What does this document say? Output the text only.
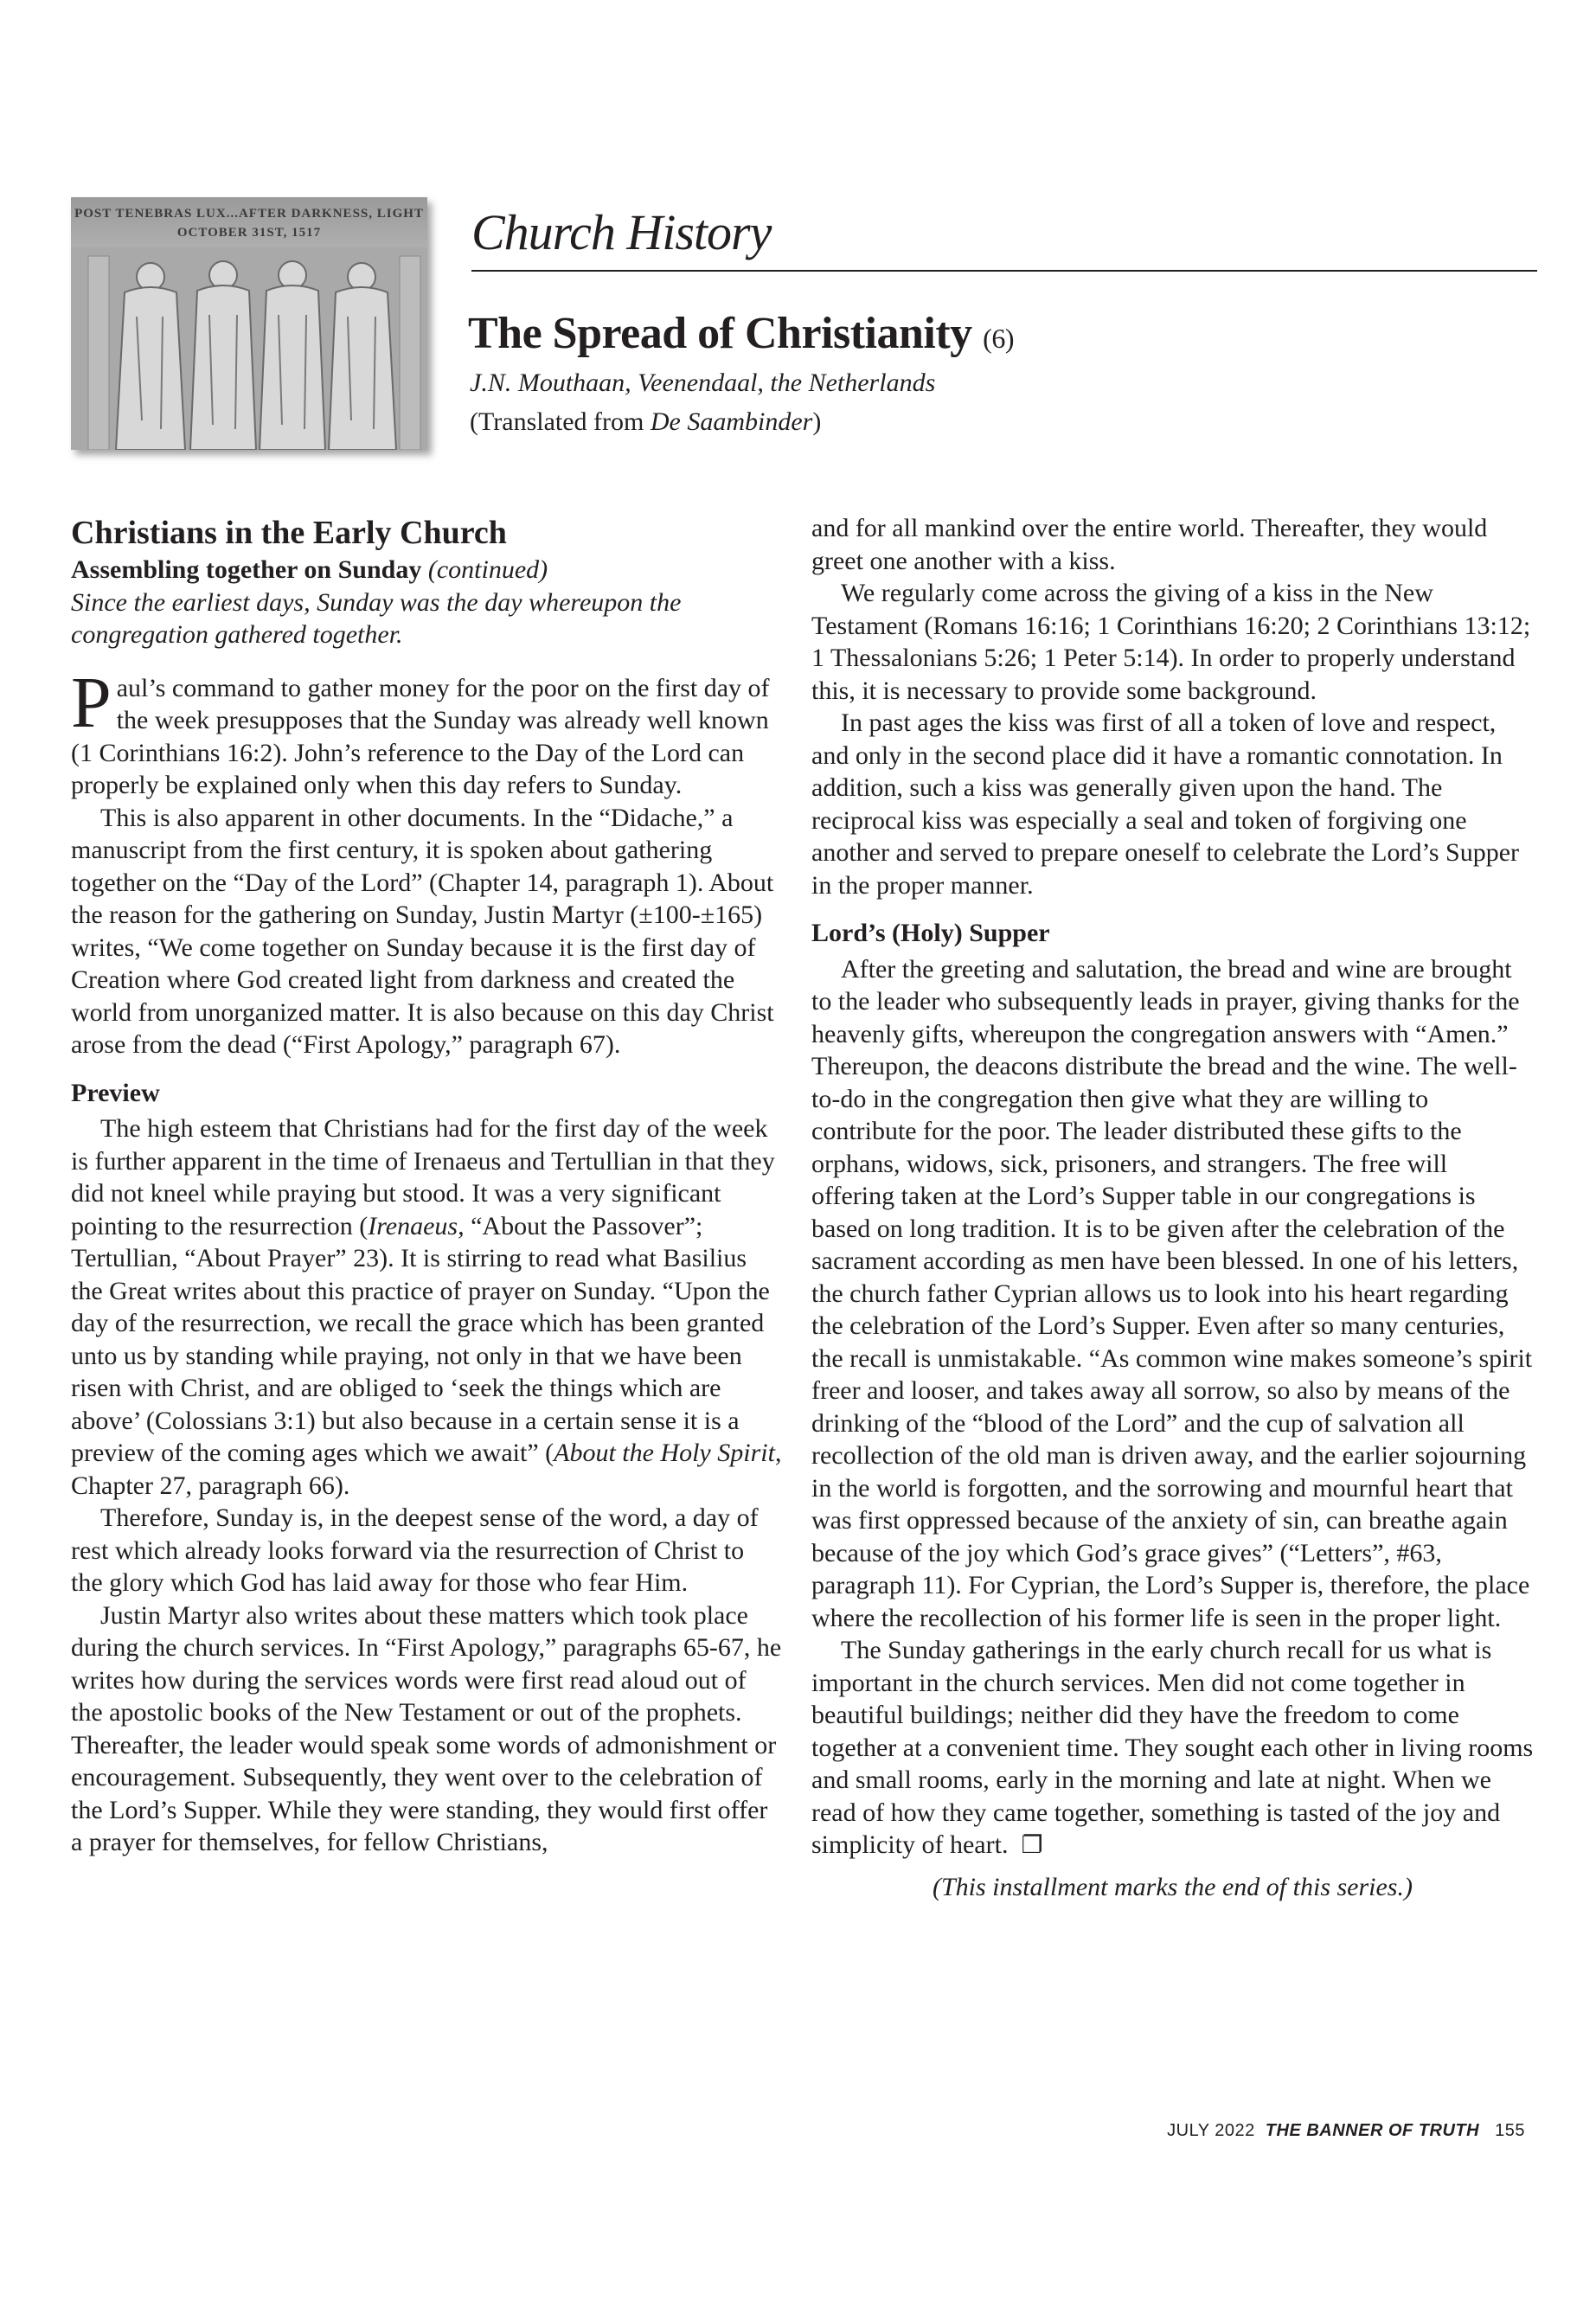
POST TENEBRAS LUX...AFTER DARKNESS, LIGHT
OCTOBER 31ST, 1517	Church History
The Spread of Christianity (6)
J.N. Mouthaan, Veenendaal, the Netherlands
(Translated from De Saambinder)

Christians in the Early Church

Assembling together on Sunday (continued)

Since the earliest days, Sunday was the day whereupon the congregation gathered together.

Paul’s command to gather money for the poor on the first day of the week presupposes that the Sunday was already well known (1 Corinthians 16:2). John’s reference to the Day of the Lord can properly be explained only when this day refers to Sunday.

This is also apparent in other documents. In the “Didache,” a manuscript from the first century, it is spoken about gathering together on the “Day of the Lord” (Chapter 14, paragraph 1). About the reason for the gathering on Sunday, Justin Martyr (±100-±165) writes, “We come together on Sunday because it is the first day of Creation where God created light from darkness and created the world from unorganized matter. It is also because on this day Christ arose from the dead (“First Apology,” paragraph 67).

Preview

The high esteem that Christians had for the first day of the week is further apparent in the time of Irenaeus and Tertullian in that they did not kneel while praying but stood. It was a very significant pointing to the resurrection (Irenaeus, “About the Passover”; Tertullian, “About Prayer” 23). It is stirring to read what Basilius the Great writes about this practice of prayer on Sunday. “Upon the day of the resurrection, we recall the grace which has been granted unto us by standing while praying, not only in that we have been risen with Christ, and are obliged to ‘seek the things which are above’ (Colossians 3:1) but also because in a certain sense it is a preview of the coming ages which we await” (About the Holy Spirit, Chapter 27, paragraph 66).

Therefore, Sunday is, in the deepest sense of the word, a day of rest which already looks forward via the resurrection of Christ to the glory which God has laid away for those who fear Him.

Justin Martyr also writes about these matters which took place during the church services. In “First Apology,” paragraphs 65-67, he writes how during the services words were first read aloud out of the apostolic books of the New Testament or out of the prophets. Thereafter, the leader would speak some words of admonishment or encouragement. Subsequently, they went over to the celebration of the Lord’s Supper. While they were standing, they would first offer a prayer for themselves, for fellow Christians,

and for all mankind over the entire world. Thereafter, they would greet one another with a kiss.

We regularly come across the giving of a kiss in the New Testament (Romans 16:16; 1 Corinthians 16:20; 2 Corinthians 13:12; 1 Thessalonians 5:26; 1 Peter 5:14). In order to properly understand this, it is necessary to provide some background.

In past ages the kiss was first of all a token of love and respect, and only in the second place did it have a romantic connotation. In addition, such a kiss was generally given upon the hand. The reciprocal kiss was especially a seal and token of forgiving one another and served to prepare oneself to celebrate the Lord’s Supper in the proper manner.

Lord’s (Holy) Supper

After the greeting and salutation, the bread and wine are brought to the leader who subsequently leads in prayer, giving thanks for the heavenly gifts, whereupon the congregation answers with “Amen.” Thereupon, the deacons distribute the bread and the wine. The well-to-do in the congregation then give what they are willing to contribute for the poor. The leader distributed these gifts to the orphans, widows, sick, prisoners, and strangers. The free will offering taken at the Lord’s Supper table in our congregations is based on long tradition. It is to be given after the celebration of the sacrament according as men have been blessed. In one of his letters, the church father Cyprian allows us to look into his heart regarding the celebration of the Lord’s Supper. Even after so many centuries, the recall is unmistakable. “As common wine makes someone’s spirit freer and looser, and takes away all sorrow, so also by means of the drinking of the “blood of the Lord” and the cup of salvation all recollection of the old man is driven away, and the earlier sojourning in the world is forgotten, and the sorrowing and mournful heart that was first oppressed because of the anxiety of sin, can breathe again because of the joy which God’s grace gives” (“Letters”, #63, paragraph 11). For Cyprian, the Lord’s Supper is, therefore, the place where the recollection of his former life is seen in the proper light.

The Sunday gatherings in the early church recall for us what is important in the church services. Men did not come together in beautiful buildings; neither did they have the freedom to come together at a convenient time. They sought each other in living rooms and small rooms, early in the morning and late at night. When we read of how they came together, something is tasted of the joy and simplicity of heart. ❐

(This installment marks the end of this series.)

JULY 2022 THE BANNER OF TRUTH 155
